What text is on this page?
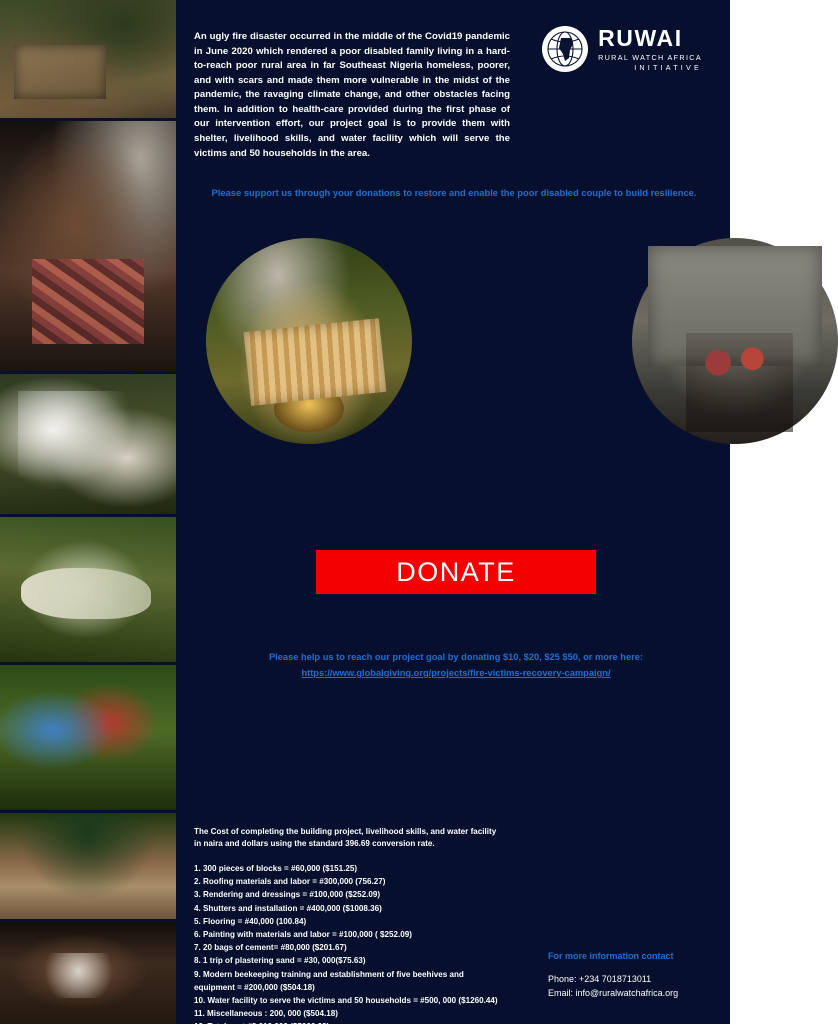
RUWAI
RURAL WATCH AFRICA
INITIATIVE

An ugly fire disaster occurred in the middle of the Covid19 pandemic in June 2020 which rendered a poor disabled family living in a hard-to-reach poor rural area in far Southeast Nigeria homeless, poorer, and with scars and made them more vulnerable in the midst of the pandemic, the ravaging climate change, and other obstacles facing them. In addition to health-care provided during the first phase of our intervention effort, our project goal is to provide them with shelter, livelihood skills, and water facility which will serve the victims and 50 households in the area.

Please support us through your donations to restore and enable the poor disabled couple to build resilience.

DONATE
Please help us to reach our project goal by donating $10, $20, $25 $50, or more here:
https://www.globalgiving.org/projects/fire-victims-recovery-campaign/
The Cost of completing the building project, livelihood skills, and water facility
in naira and dollars using the standard 396.69 conversion rate.
1. 300 pieces of blocks = #60,000 ($151.25)
2. Roofing materials and labor = #300,000 (756.27)
3. Rendering and dressings = #100,000 ($252.09)
4. Shutters and installation = #400,000 ($1008.36)
5. Flooring = #40,000 (100.84)
6. Painting with materials and labor = #100,000 ( $252.09)
7. 20 bags of cement= #80,000 ($201.67)
8. 1 trip of plastering sand = #30, 000($75.63)
9. Modern beekeeping training and establishment of five beehives and
equipment = #200,000 ($504.18)
10. Water facility to serve the victims and 50 households = #500, 000 ($1260.44)
11. Miscellaneous : 200, 000 ($504.18)
12. Total cost #2,010,000 ($5066.99)
For more information contact
Phone: +234 7018713011
Email: info@ruralwatchafrica.org
